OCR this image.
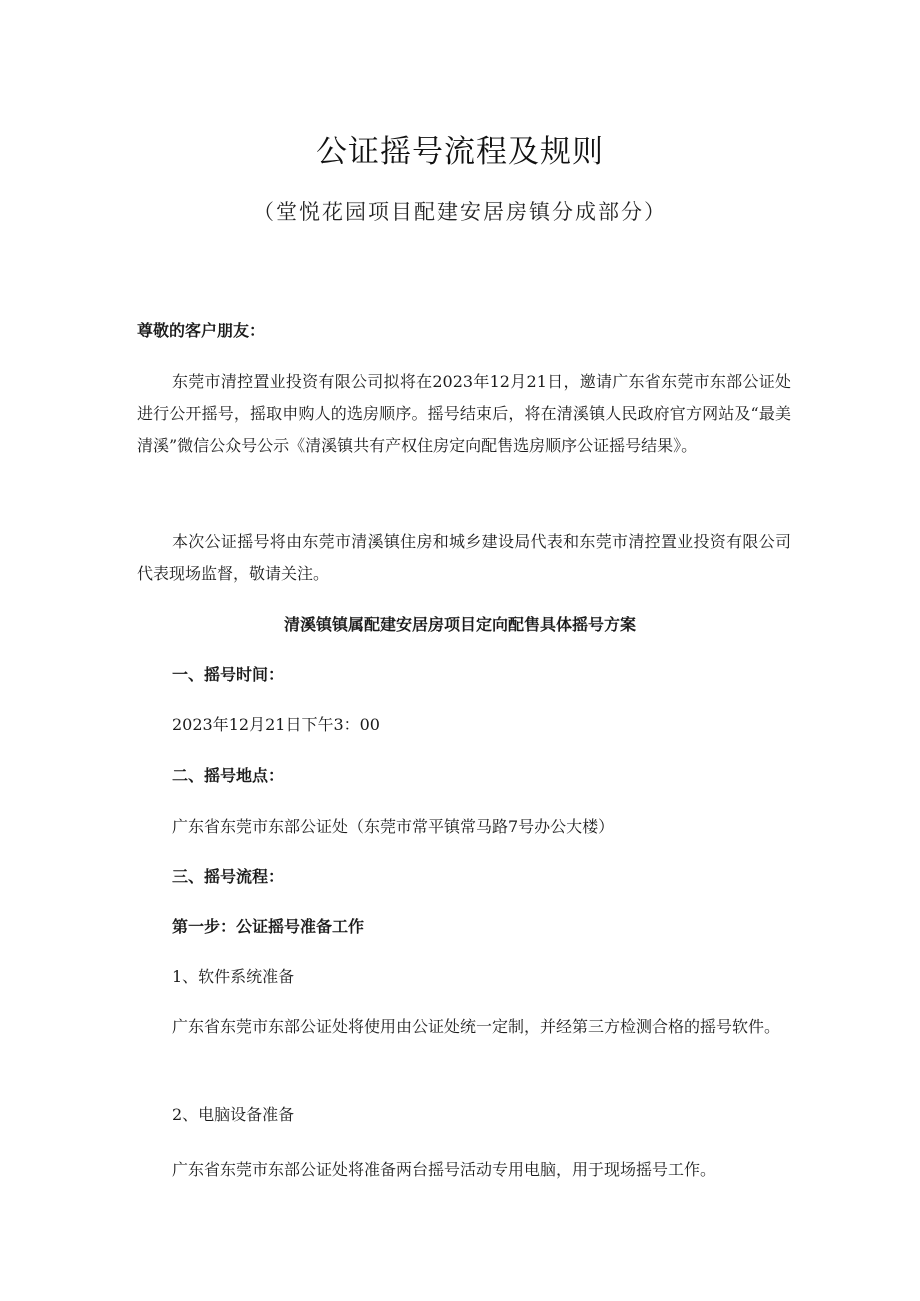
公证摇号流程及规则
（堂悦花园项目配建安居房镇分成部分）
尊敬的客户朋友：
东莞市清控置业投资有限公司拟将在2023年12月21日，邀请广东省东莞市东部公证处进行公开摇号，摇取申购人的选房顺序。摇号结束后，将在清溪镇人民政府官方网站及“最美清溪”微信公众号公示《清溪镇共有产权住房定向配售选房顺序公证摇号结果》。
本次公证摇号将由东莞市清溪镇住房和城乡建设局代表和东莞市清控置业投资有限公司代表现场监督，敬请关注。
清溪镇镇属配建安居房项目定向配售具体摇号方案
一、摇号时间：
2023年12月21日下午3：00
二、摇号地点：
广东省东莞市东部公证处（东莞市常平镇常马路7号办公大楼）
三、摇号流程：
第一步：公证摇号准备工作
1、软件系统准备
广东省东莞市东部公证处将使用由公证处统一定制，并经第三方检测合格的摇号软件。
2、电脑设备准备
广东省东莞市东部公证处将准备两台摇号活动专用电脑，用于现场摇号工作。
